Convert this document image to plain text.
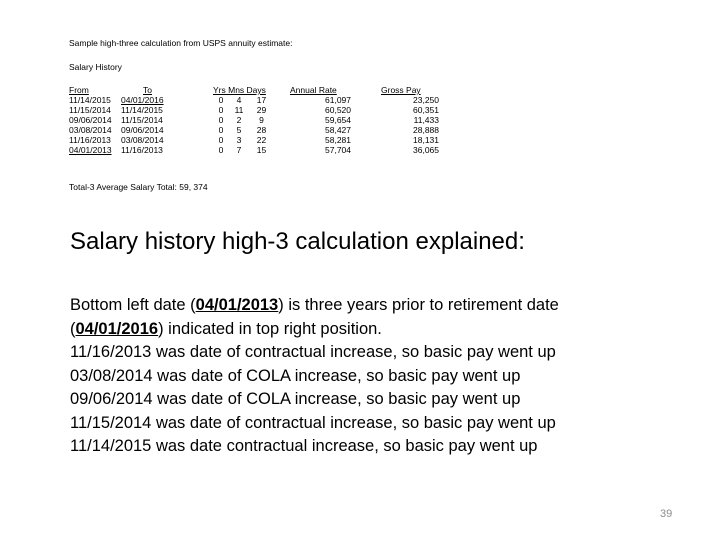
Sample high-three calculation from USPS annuity estimate:
Salary History
From	To	Yrs Mns Days			Annual Rate	Gross Pay
11/14/2015	04/01/2016	0	4	17	61,097	23,250
11/15/2014	11/14/2015	0	11	29	60,520	60,351
09/06/2014	11/15/2014	0	2	9	59,654	11,433
03/08/2014	09/06/2014	0	5	28	58,427	28,888
11/16/2013	03/08/2014	0	3	22	58,281	18,131
04/01/2013	11/16/2013	0	7	15	57,704	36,065
Total-3 Average Salary Total: 59, 374
Salary history high-3 calculation explained:
Bottom left date (04/01/2013) is three years prior to retirement date
(04/01/2016) indicated in top right position.
11/16/2013 was date of contractual increase, so basic pay went up
03/08/2014 was date of COLA increase, so basic pay went up
09/06/2014 was date of COLA increase, so basic pay went up
11/15/2014 was date of contractual increase, so basic pay went up
11/14/2015 was date contractual increase, so basic pay went up
39
